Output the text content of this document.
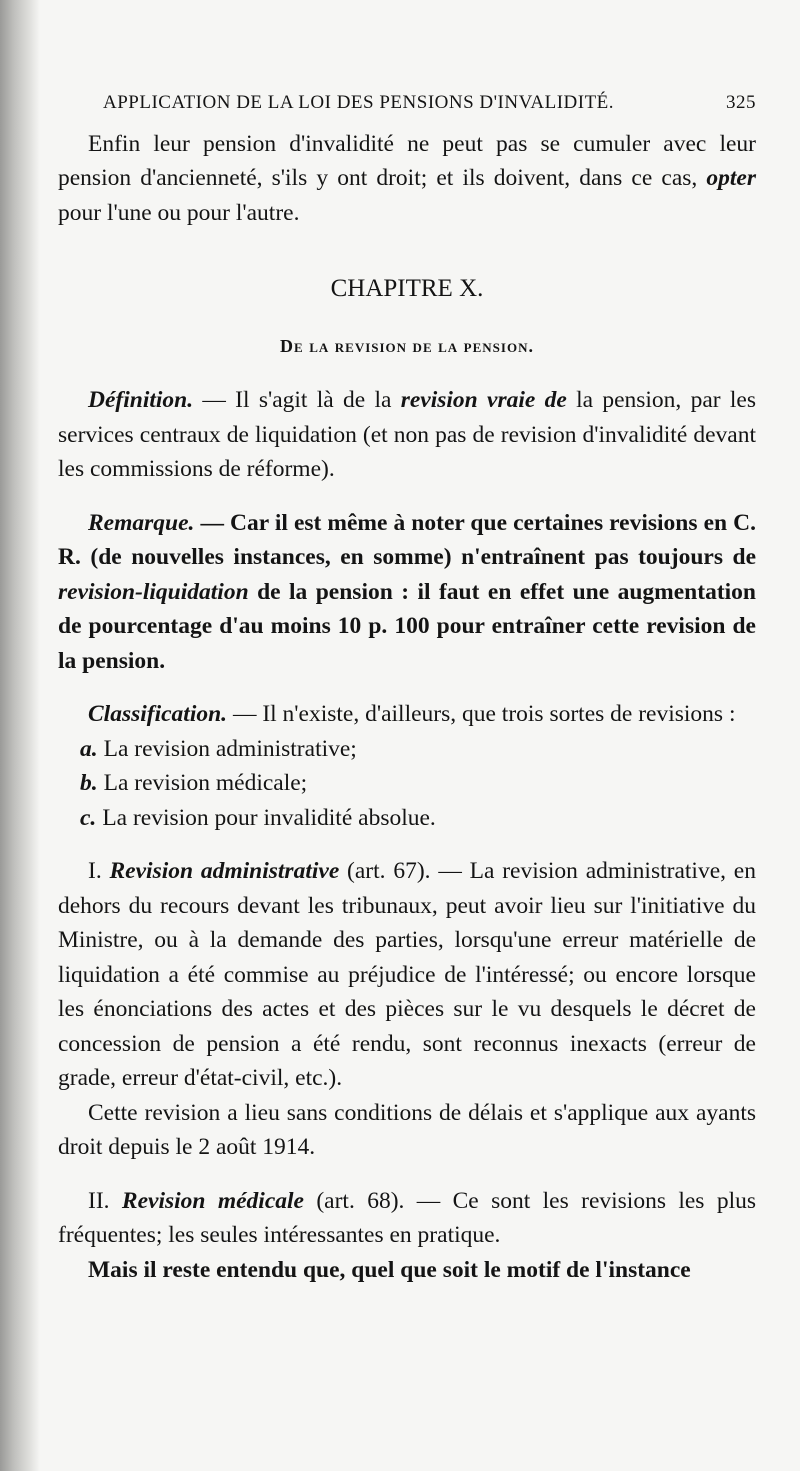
APPLICATION DE LA LOI DES PENSIONS D'INVALIDITÉ.	325

Enfin leur pension d'invalidité ne peut pas se cumuler avec leur pension d'ancienneté, s'ils y ont droit; et ils doivent, dans ce cas, opter pour l'une ou pour l'autre.

CHAPITRE X.
De la revision de la pension.

Définition. — Il s'agit là de la revision vraie de la pension, par les services centraux de liquidation (et non pas de revision d'invalidité devant les commissions de réforme).

Remarque. — Car il est même à noter que certaines revisions en C. R. (de nouvelles instances, en somme) n'entraînent pas toujours de revision-liquidation de la pension : il faut en effet une augmentation de pourcentage d'au moins 10 p. 100 pour entraîner cette revision de la pension.

Classification. — Il n'existe, d'ailleurs, que trois sortes de revisions :

a. La revision administrative;

b. La revision médicale;

c. La revision pour invalidité absolue.

I. Revision administrative (art. 67). — La revision administrative, en dehors du recours devant les tribunaux, peut avoir lieu sur l'initiative du Ministre, ou à la demande des parties, lorsqu'une erreur matérielle de liquidation a été commise au préjudice de l'intéressé; ou encore lorsque les énonciations des actes et des pièces sur le vu desquels le décret de concession de pension a été rendu, sont reconnus inexacts (erreur de grade, erreur d'état-civil, etc.).

Cette revision a lieu sans conditions de délais et s'applique aux ayants droit depuis le 2 août 1914.

II. Revision médicale (art. 68). — Ce sont les revisions les plus fréquentes; les seules intéressantes en pratique.

Mais il reste entendu que, quel que soit le motif de l'instance
